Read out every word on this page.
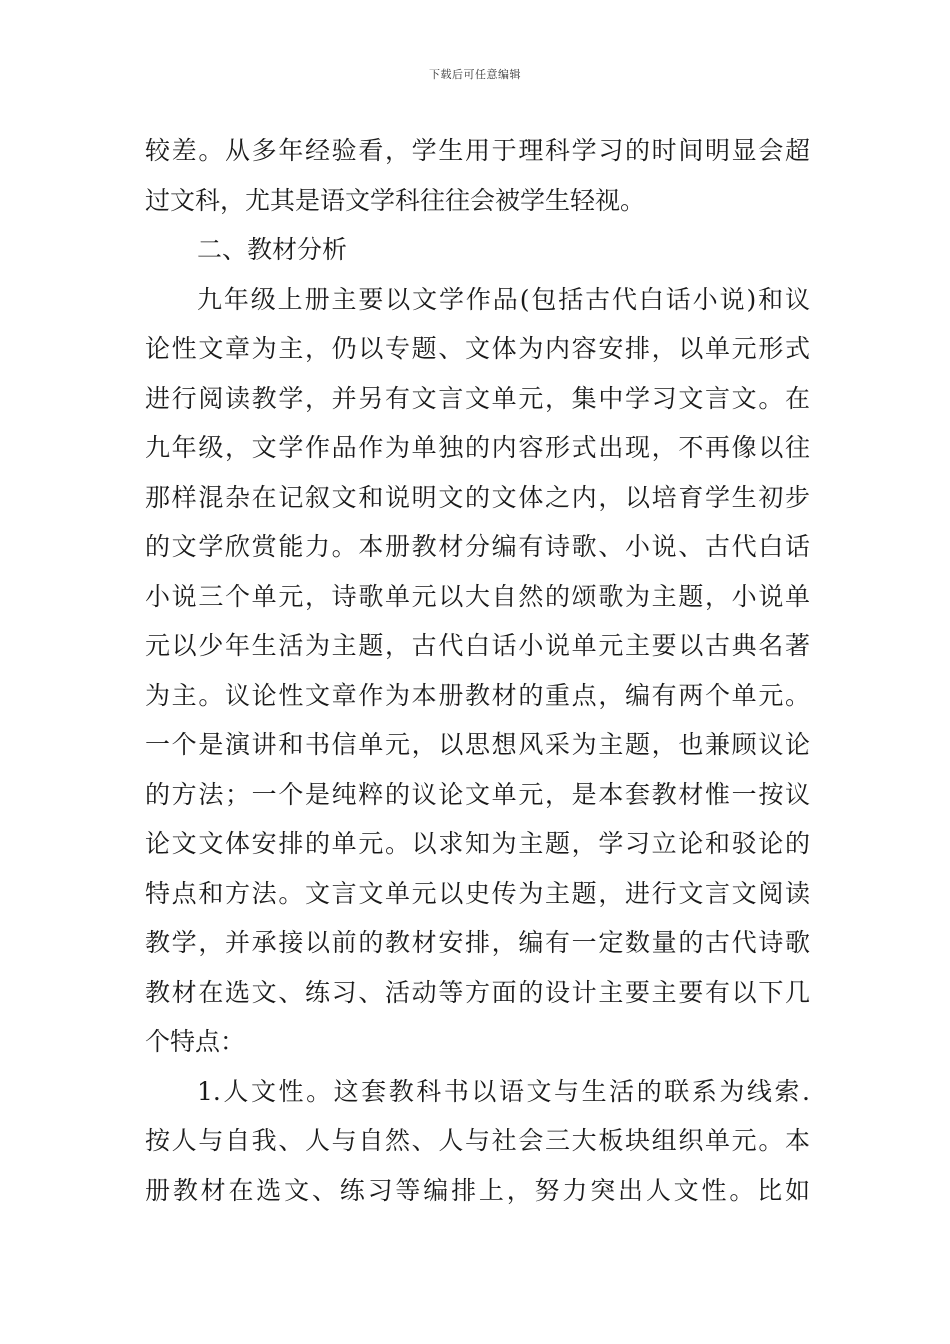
下载后可任意编辑
较差。从多年经验看，学生用于理科学习的时间明显会超
过文科，尤其是语文学科往往会被学生轻视。
二、教材分析
九年级上册主要以文学作品(包括古代白话小说)和议
论性文章为主，仍以专题、文体为内容安排，以单元形式
进行阅读教学，并另有文言文单元，集中学习文言文。在
九年级，文学作品作为单独的内容形式出现，不再像以往
那样混杂在记叙文和说明文的文体之内，以培育学生初步
的文学欣赏能力。本册教材分编有诗歌、小说、古代白话
小说三个单元，诗歌单元以大自然的颂歌为主题，小说单
元以少年生活为主题，古代白话小说单元主要以古典名著
为主。议论性文章作为本册教材的重点，编有两个单元。
一个是演讲和书信单元，以思想风采为主题，也兼顾议论
的方法；一个是纯粹的议论文单元，是本套教材惟一按议
论文文体安排的单元。以求知为主题，学习立论和驳论的
特点和方法。文言文单元以史传为主题，进行文言文阅读
教学，并承接以前的教材安排，编有一定数量的古代诗歌
教材在选文、练习、活动等方面的设计主要主要有以下几
个特点：
1.人文性。这套教科书以语文与生活的联系为线索.
按人与自我、人与自然、人与社会三大板块组织单元。本
册教材在选文、练习等编排上，努力突出人文性。比如
